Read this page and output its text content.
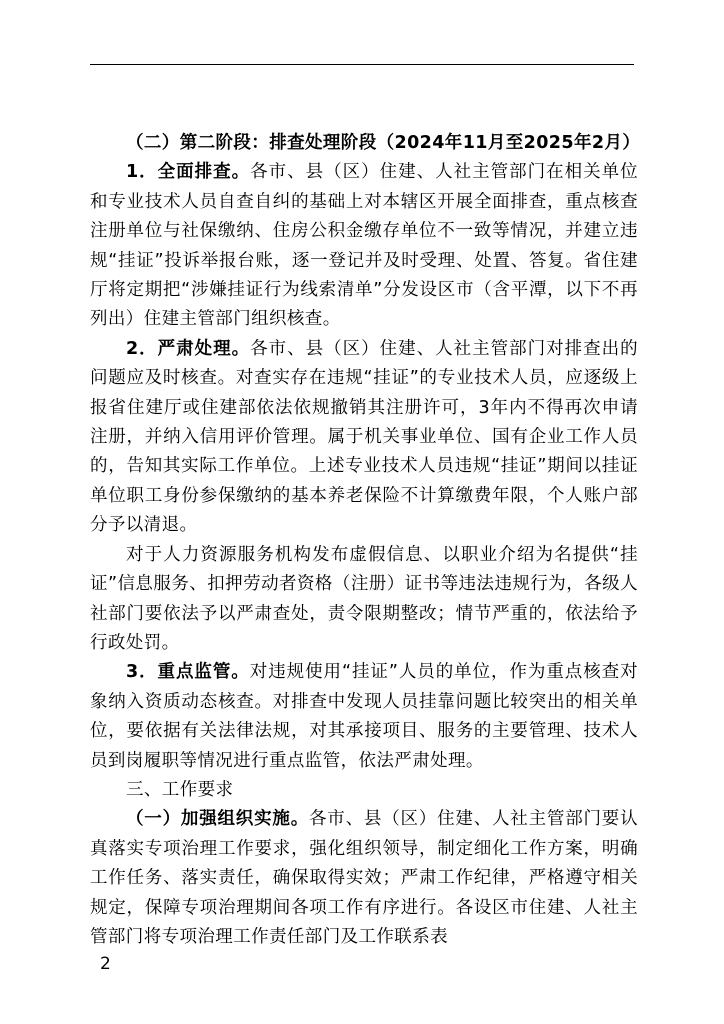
（二）第二阶段：排查处理阶段（2024年11月至2025年2月）

1．全面排查。各市、县（区）住建、人社主管部门在相关单位和专业技术人员自查自纠的基础上对本辖区开展全面排查，重点核查注册单位与社保缴纳、住房公积金缴存单位不一致等情况，并建立违规“挂证”投诉举报台账，逐一登记并及时受理、处置、答复。省住建厅将定期把“涉嫌挂证行为线索清单”分发设区市（含平潭，以下不再列出）住建主管部门组织核查。

2．严肃处理。各市、县（区）住建、人社主管部门对排查出的问题应及时核查。对查实存在违规“挂证”的专业技术人员，应逐级上报省住建厅或住建部依法依规撤销其注册许可，3年内不得再次申请注册，并纳入信用评价管理。属于机关事业单位、国有企业工作人员的，告知其实际工作单位。上述专业技术人员违规“挂证”期间以挂证单位职工身份参保缴纳的基本养老保险不计算缴费年限，个人账户部分予以清退。

对于人力资源服务机构发布虚假信息、以职业介绍为名提供“挂证”信息服务、扣押劳动者资格（注册）证书等违法违规行为，各级人社部门要依法予以严肃查处，责令限期整改；情节严重的，依法给予行政处罚。

3．重点监管。对违规使用“挂证”人员的单位，作为重点核查对象纳入资质动态核查。对排查中发现人员挂靠问题比较突出的相关单位，要依据有关法律法规，对其承接项目、服务的主要管理、技术人员到岗履职等情况进行重点监管，依法严肃处理。

三、工作要求

（一）加强组织实施。各市、县（区）住建、人社主管部门要认真落实专项治理工作要求，强化组织领导，制定细化工作方案，明确工作任务、落实责任，确保取得实效；严肃工作纪律，严格遵守相关规定，保障专项治理期间各项工作有序进行。各设区市住建、人社主管部门将专项治理工作责任部门及工作联系表

2
